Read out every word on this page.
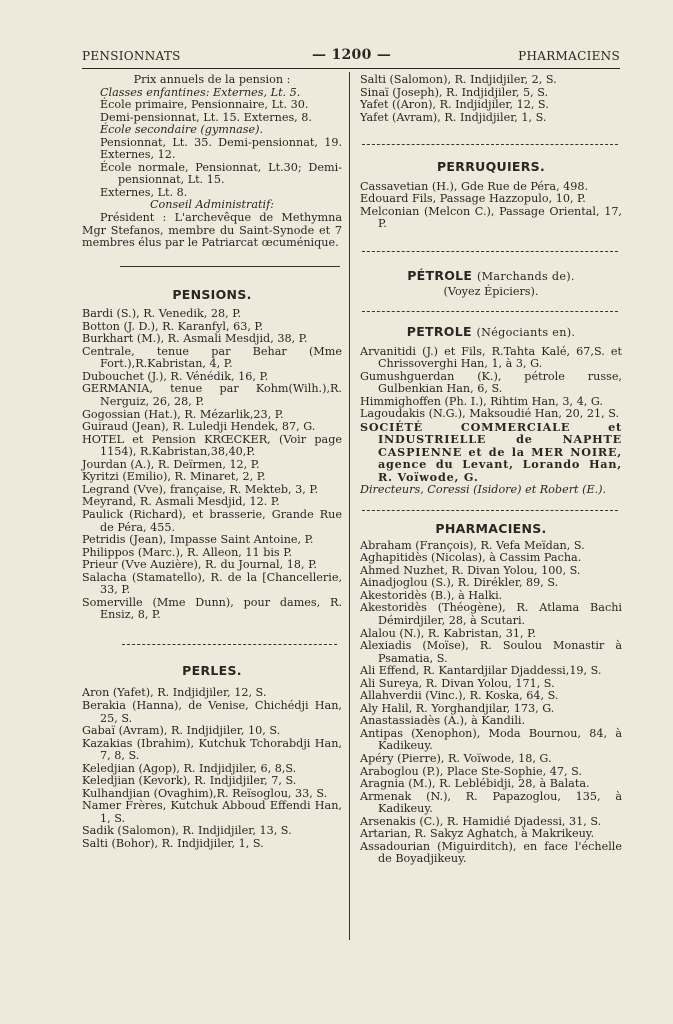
PENSIONNATS	— 1200 —	PHARMACIENS
Prix annuels de la pension :
Classes enfantines: Externes, Lt. 5.
École primaire, Pensionnaire, Lt. 30.
Demi-pensionnat, Lt. 15. Externes, 8.
École secondaire (gymnase).
Pensionnat, Lt. 35. Demi-pensionnat, 19. Externes, 12.
École normale, Pensionnat, Lt.30; Demi-pensionnat, Lt. 15.
Externes, Lt. 8.
Conseil Administratif:
Président : L'archevêque de Methymna Mgr Stefanos, membre du Saint-Synode et 7 membres élus par le Patriarcat œcuménique.
PENSIONS.
Bardi (S.), R. Venedik, 28, P.
Botton (J. D.), R. Karanfyl, 63, P.
Burkhart (M.), R. Asmali Mesdjid, 38, P.
Centrale, tenue par Behar (Mme Fort.),R.Kabristan, 4, P.
Dubouchet (J.), R. Vénédik, 16, P.
GERMANIA, tenue par Kohm(Wilh.),R. Nerguiz, 26, 28, P.
Gogossian (Hat.), R. Mézarlik,23, P.
Guiraud (Jean), R. Luledji Hendek, 87, G.
HOTEL et Pension KRŒCKER, (Voir page 1154), R.Kabristan,38,40,P.
Jourdan (A.), R. Deïrmen, 12, P.
Kyritzi (Emilio), R. Minaret, 2, P.
Legrand (Vve), française, R. Mekteb, 3, P.
Meyrand, R. Asmali Mesdjid, 12. P.
Paulick (Richard), et brasserie, Grande Rue de Péra, 455.
Petridis (Jean), Impasse Saint Antoine, P.
Philippos (Marc.), R. Alleon, 11 bis P.
Prieur (Vve Auzière), R. du Journal, 18, P.
Salacha (Stamatello), R. de la [Chancellerie, 33, P.
Somerville (Mme Dunn), pour dames, R. Ensiz, 8, P.
PERLES.
Aron (Yafet), R. Indjidjiler, 12, S.
Berakia (Hanna), de Venise, Chichédji Han, 25, S.
Gabaï (Avram), R. Indjidjiler, 10, S.
Kazakias (Ibrahim), Kutchuk Tchorabdji Han, 7, 8, S.
Keledjian (Agop), R. Indjidjiler, 6, 8,S.
Keledjian (Kevork), R. Indjidjiler, 7, S.
Kulhandjian (Ovaghim),R. Reïsoglou, 33, S.
Namer Frères, Kutchuk Abboud Effendi Han, 1, S.
Sadik (Salomon), R. Indjidjiler, 13, S.
Salti (Bohor), R. Indjidjiler, 1, S.
Salti (Salomon), R. Indjidjiler, 2, S.
Sinaï (Joseph), R. Indjidjiler, 5, S.
Yafet ((Aron), R. Indjidjiler, 12, S.
Yafet (Avram), R. Indjidjiler, 1, S.
PERRUQUIERS.
Cassavetian (H.), Gde Rue de Péra, 498.
Edouard Fils, Passage Hazzopulo, 10, P.
Melconian (Melcon C.), Passage Oriental, 17, P.
PÉTROLE (Marchands de).
(Voyez Épiciers).
PETROLE (Négociants en).
Arvanitidi (J.) et Fils, R.Tahta Kalé, 67,S. et Chrissoverghi Han, 1, à 3, G.
Gumushguerdan (K.), pétrole russe, Gulbenkian Han, 6, S.
Himmighoffen (Ph. I.), Rihtim Han, 3, 4, G.
Lagoudakis (N.G.), Maksoudié Han, 20, 21, S.
SOCIÉTÉ COMMERCIALE et INDUSTRIELLE de NAPHTE CASPIENNE et de la MER NOIRE, agence du Levant, Lorando Han, R. Voïwode, G.
Directeurs, Coressi (Isidore) et Robert (E.).
PHARMACIENS.
Abraham (François), R. Vefa Meïdan, S.
Aghapitidès (Nicolas), à Cassim Pacha.
Ahmed Nuzhet, R. Divan Yolou, 100, S.
Ainadjoglou (S.), R. Dirékler, 89, S.
Akestoridès (B.), à Halki.
Akestoridès (Théogène), R. Atlama Bachi Démirdjiler, 28, à Scutari.
Alalou (N.), R. Kabristan, 31, P.
Alexiadis (Moïse), R. Soulou Monastir à Psamatia, S.
Ali Effend, R. Kantardjilar Djaddessi,19, S.
Ali Sureya, R. Divan Yolou, 171, S.
Allahverdii (Vinc.), R. Koska, 64, S.
Aly Halil, R. Yorghandjilar, 173, G.
Anastassiadès (A.), à Kandili.
Antipas (Xenophon), Moda Bournou, 84, à Kadikeuy.
Apéry (Pierre), R. Voïwode, 18, G.
Araboglou (P.), Place Ste-Sophie, 47, S.
Aragnia (M.), R. Leblébidji, 28, à Balata.
Armenak (N.), R. Papazoglou, 135, à Kadikeuy.
Arsenakis (C.), R. Hamidié Djadessi, 31, S.
Artarian, R. Sakyz Aghatch, à Makrikeuy.
Assadourian (Miguirditch), en face l'échelle de Boyadjikeuy.
